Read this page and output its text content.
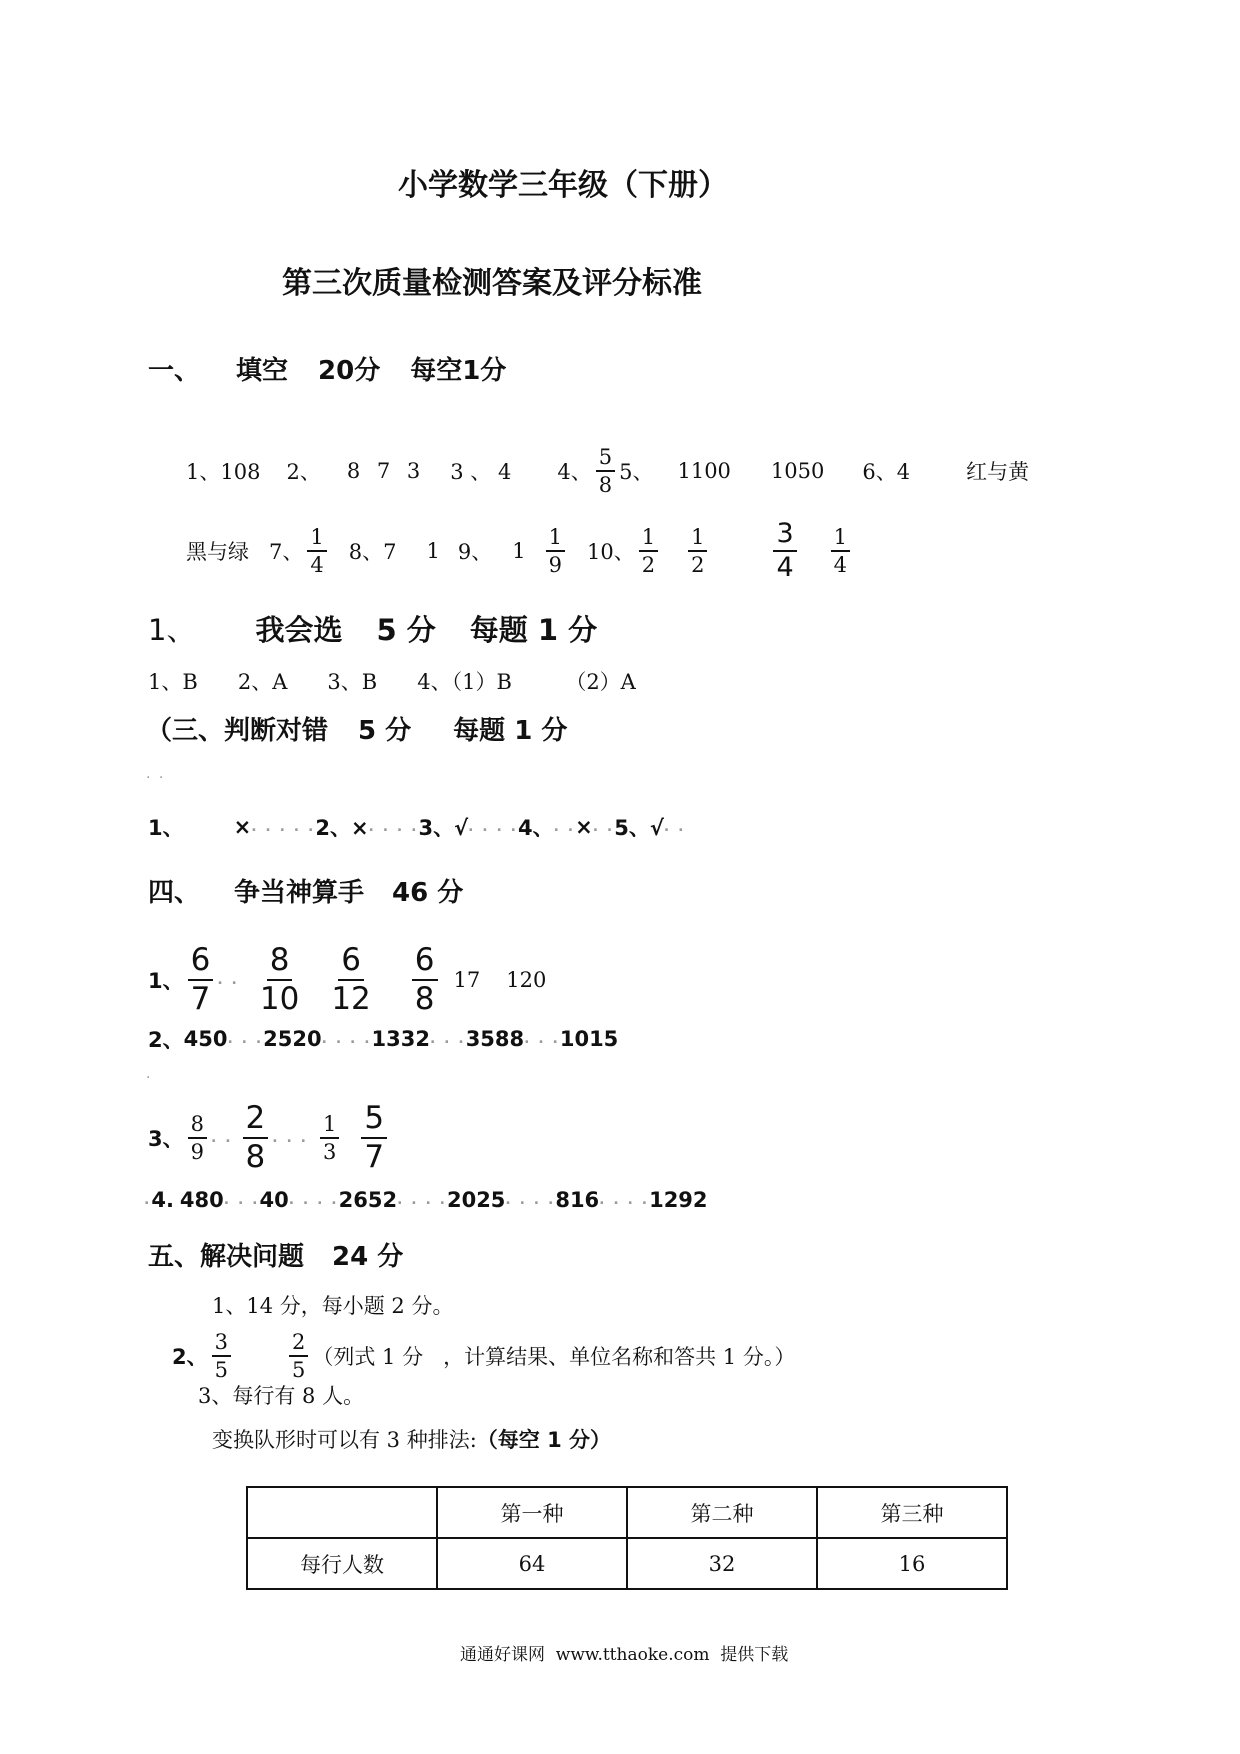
小学数学三年级（下册）
第三次质量检测答案及评分标准
一、 填空 20分 每空1分
1、108 2、 8 7 3 3 、 4 4、 $\frac{5}{8} 5$、 1100 1050 6、4	红与黄
黑与绿 7、 $\frac{1}{4} 8$、7 1 9、 $1 \frac{1}{9} 10$、 $\frac{1}{2} \frac{1}{2} \frac{3}{4} \frac{1}{4}$
1、 我会选 5 分 每题 1 分
1、B      2、A      3、B      4、（1）B        （2）A
（三、判断对错 5 分 每题 1 分
· ·
1、 × . . . . . 2、× . . . . 3、√ . . . . 4、 . . × . . 5、√ . .
四、 争当神算手 46 分
1、 $\frac{6}{7}$ . . $\frac{8}{10} \frac{6}{12} \frac{6}{8} 17$ 120
2、 450 . . . 2520 . . . . 1332 . . . 3588 . . . 1015
·
3、 $\frac{8}{9}$ . . $\frac{2}{8}$ . . . $\frac{1}{3} \frac{5}{7}$
. 4. 480 . . . 40 . . . . 2652 . . . . 2025 . . . . 816 . . . . 1292
五、解决问题 24 分
1、14 分，每小题 2 分。
2、 $\frac{3}{5}$	$\frac{2}{5}$ （列式 1 分   ，计算结果、单位名称和答共 1 分。）
3、每行有 8 人。
变换队形时可以有 3 种排法: （每空 1 分）
	第一种	第二种	第三种
每行人数	64	32	16
通通好课网  www.tthaoke.com  提供下载
